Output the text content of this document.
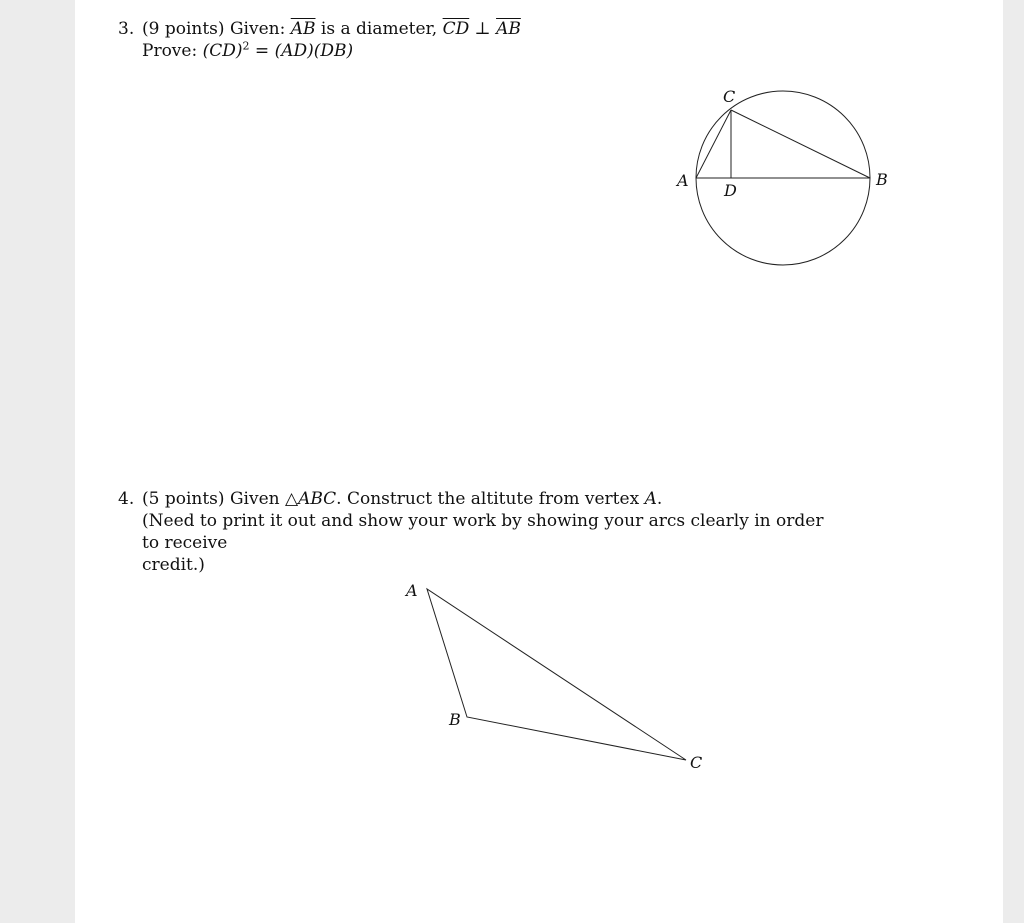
3. (9 points) Given: $\overline{AB}$ is a diameter, $\overline{CD}$ ⊥ $\overline{AB}$
Prove: (CD)$^2$ = (AD)(DB)
4. (5 points) Given △ABC. Construct the altitute from vertex A.
(Need to print it out and show your work by showing your arcs clearly in order to receive
credit.)
C
A	B
D
A
B
C
